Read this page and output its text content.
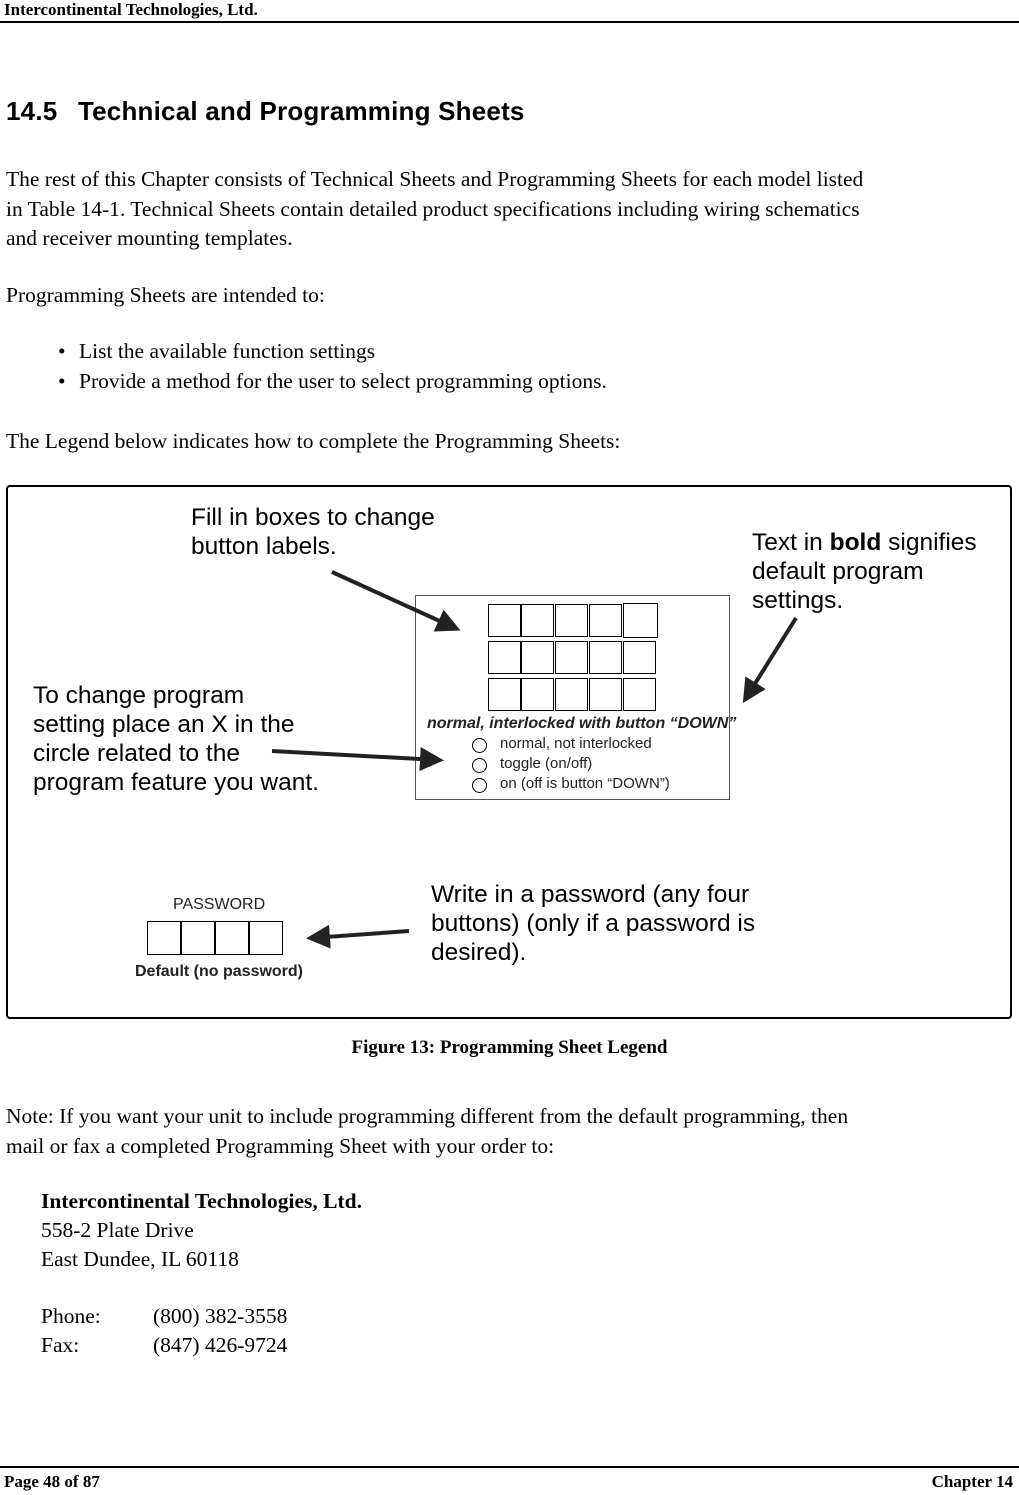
Intercontinental Technologies, Ltd.
14.5 Technical and Programming Sheets
The rest of this Chapter consists of Technical Sheets and Programming Sheets for each model listed
in Table 14-1. Technical Sheets contain detailed product specifications including wiring schematics
and receiver mounting templates.
Programming Sheets are intended to:
• List the available function settings
• Provide a method for the user to select programming options.
The Legend below indicates how to complete the Programming Sheets:
Fill in boxes to change
button labels.	Text in bold signifies
default program
settings.
To change program
setting place an X in the
circle related to the
program feature you want.
normal, interlocked with button “DOWN”
normal, not interlocked
toggle (on/off)
on (off is button “DOWN”)
PASSWORD
Default (no password)
Write in a password (any four
buttons) (only if a password is
desired).
Figure 13: Programming Sheet Legend
Note: If you want your unit to include programming different from the default programming, then
mail or fax a completed Programming Sheet with your order to:
Intercontinental Technologies, Ltd.
558-2 Plate Drive
East Dundee, IL 60118
Phone: (800) 382-3558
Fax:	(847) 426-9724
Page 48 of 87	Chapter 14
